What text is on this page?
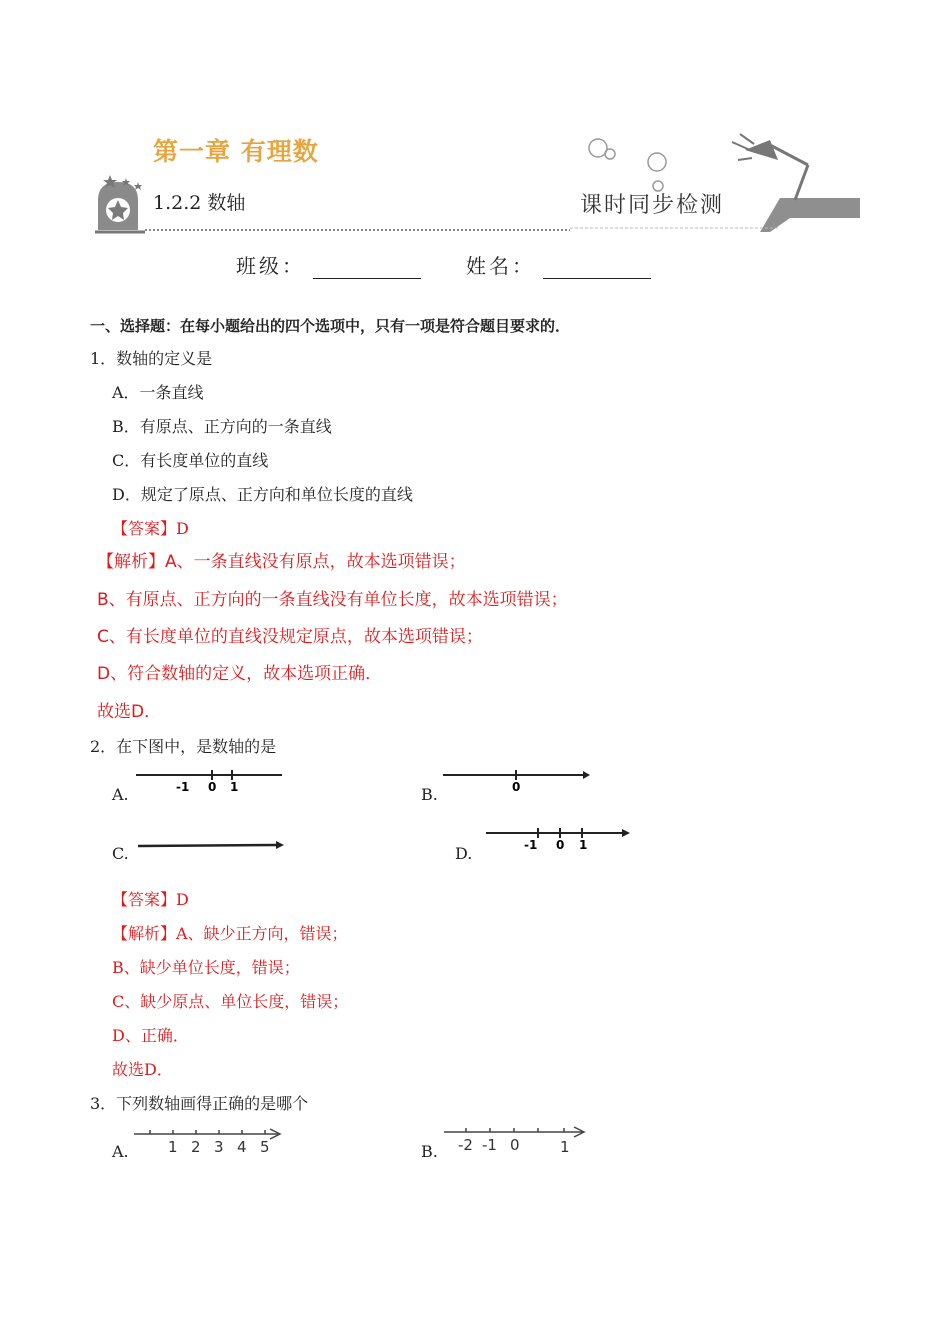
第一章 有理数
1.2.2 数轴	课时同步检测
班级：	姓名：
一、选择题：在每小题给出的四个选项中，只有一项是符合题目要求的．
1．数轴的定义是
A．一条直线
B．有原点、正方向的一条直线
C．有长度单位的直线
D．规定了原点、正方向和单位长度的直线
【答案】D
【解析】A、一条直线没有原点，故本选项错误；
B、有原点、正方向的一条直线没有单位长度，故本选项错误；
C、有长度单位的直线没规定原点，故本选项错误；
D、符合数轴的定义，故本选项正确．
故选D．
2．在下图中，是数轴的是
A.	-1 0 1	B.	0
C.	D.	-1 0 1
【答案】D
【解析】A、缺少正方向，错误；
B、缺少单位长度，错误；
C、缺少原点、单位长度，错误；
D、正确．
故选D．
3．下列数轴画得正确的是哪个
A.	1 2 3 4 5	B. -2 -1 0	1
